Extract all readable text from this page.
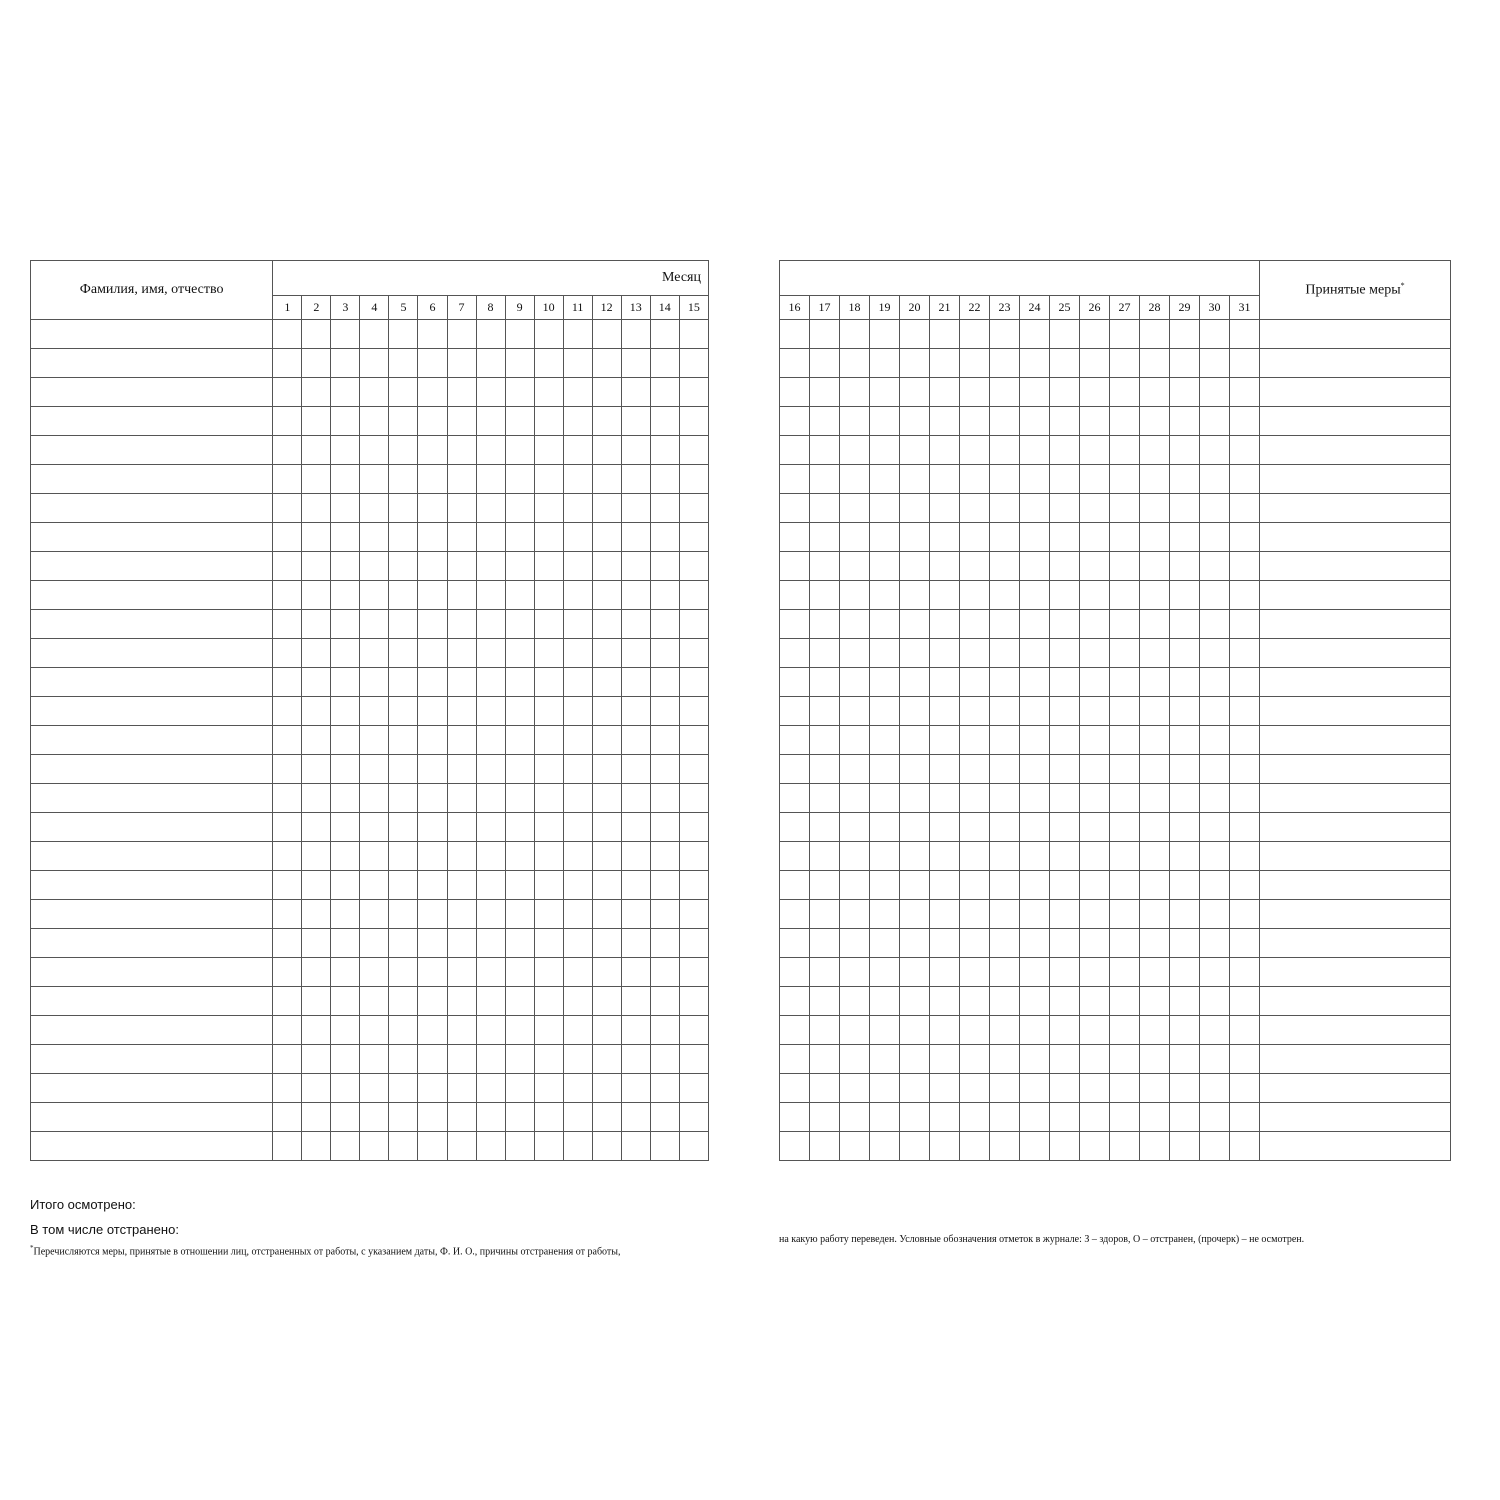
Фамилия, имя, отчество	Месяц														
	1	2	3	4	5	6	7	8	9	10	11	12	13	14	15

																Принятые меры*
16	17	18	19	20	21	22	23	24	25	26	27	28	29	30	31	

Итого осмотрено:
В том числе отстранено:
*Перечисляются меры, принятые в отношении лиц, отстраненных от работы, с указанием даты, Ф. И. О., причины отстранения от работы,
на какую работу переведен. Условные обозначения отметок в журнале: З – здоров, О – отстранен, (прочерк) – не осмотрен.
